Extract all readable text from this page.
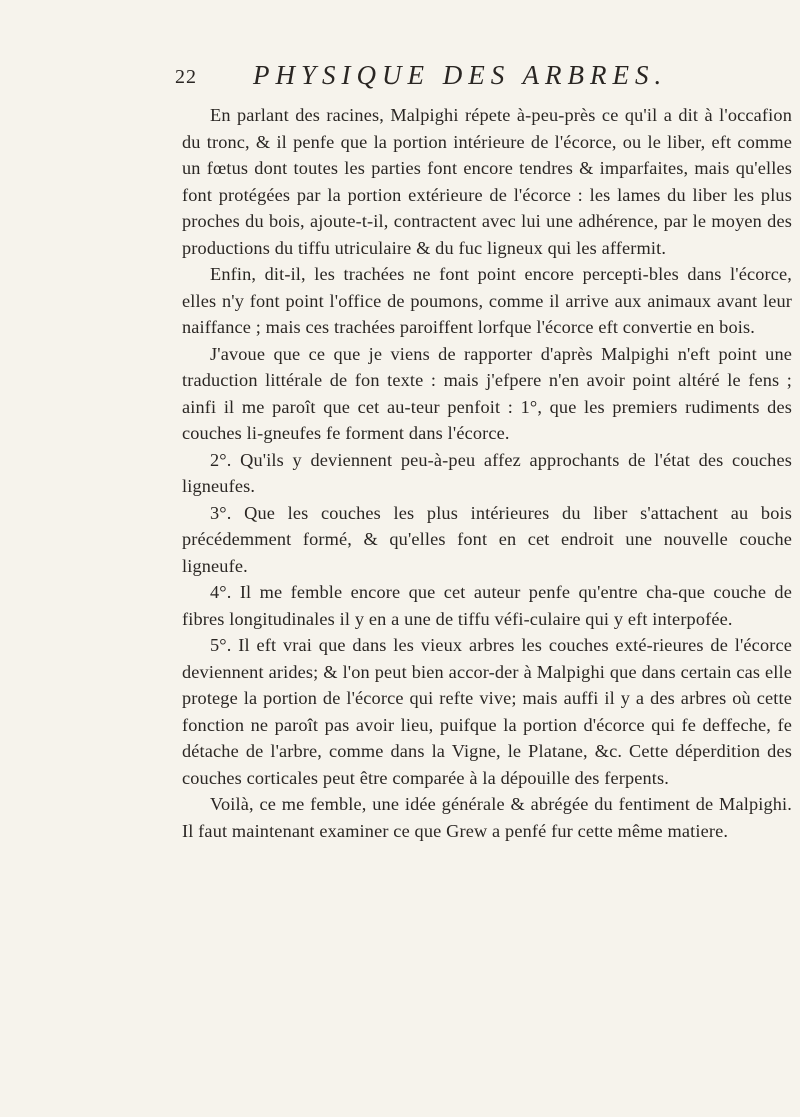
22 PHYSIQUE DES ARBRES.

En parlant des racines, Malpighi répete à-peu-près ce qu'il a dit à l'occafion du tronc, & il penfe que la portion intérieure de l'écorce, ou le liber, eft comme un fœtus dont toutes les parties font encore tendres & imparfaites, mais qu'elles font protégées par la portion extérieure de l'écorce : les lames du liber les plus proches du bois, ajoute-t-il, contractent avec lui une adhérence, par le moyen des productions du tiffu utriculaire & du fuc ligneux qui les affermit.

Enfin, dit-il, les trachées ne font point encore percepti-bles dans l'écorce, elles n'y font point l'office de poumons, comme il arrive aux animaux avant leur naiffance ; mais ces trachées paroiffent lorfque l'écorce eft convertie en bois.

J'avoue que ce que je viens de rapporter d'après Malpighi n'eft point une traduction littérale de fon texte : mais j'efpere n'en avoir point altéré le fens ; ainfi il me paroît que cet au-teur penfoit : 1°, que les premiers rudiments des couches li-gneufes fe forment dans l'écorce.

2°. Qu'ils y deviennent peu-à-peu affez approchants de l'état des couches ligneufes.

3°. Que les couches les plus intérieures du liber s'attachent au bois précédemment formé, & qu'elles font en cet endroit une nouvelle couche ligneufe.

4°. Il me femble encore que cet auteur penfe qu'entre cha-que couche de fibres longitudinales il y en a une de tiffu véfi-culaire qui y eft interpofée.

5°. Il eft vrai que dans les vieux arbres les couches exté-rieures de l'écorce deviennent arides; & l'on peut bien accor-der à Malpighi que dans certain cas elle protege la portion de l'écorce qui refte vive; mais auffi il y a des arbres où cette fonction ne paroît pas avoir lieu, puifque la portion d'écorce qui fe deffeche, fe détache de l'arbre, comme dans la Vigne, le Platane, &c. Cette déperdition des couches corticales peut être comparée à la dépouille des ferpents.

Voilà, ce me femble, une idée générale & abrégée du fentiment de Malpighi. Il faut maintenant examiner ce que Grew a penfé fur cette même matiere.
